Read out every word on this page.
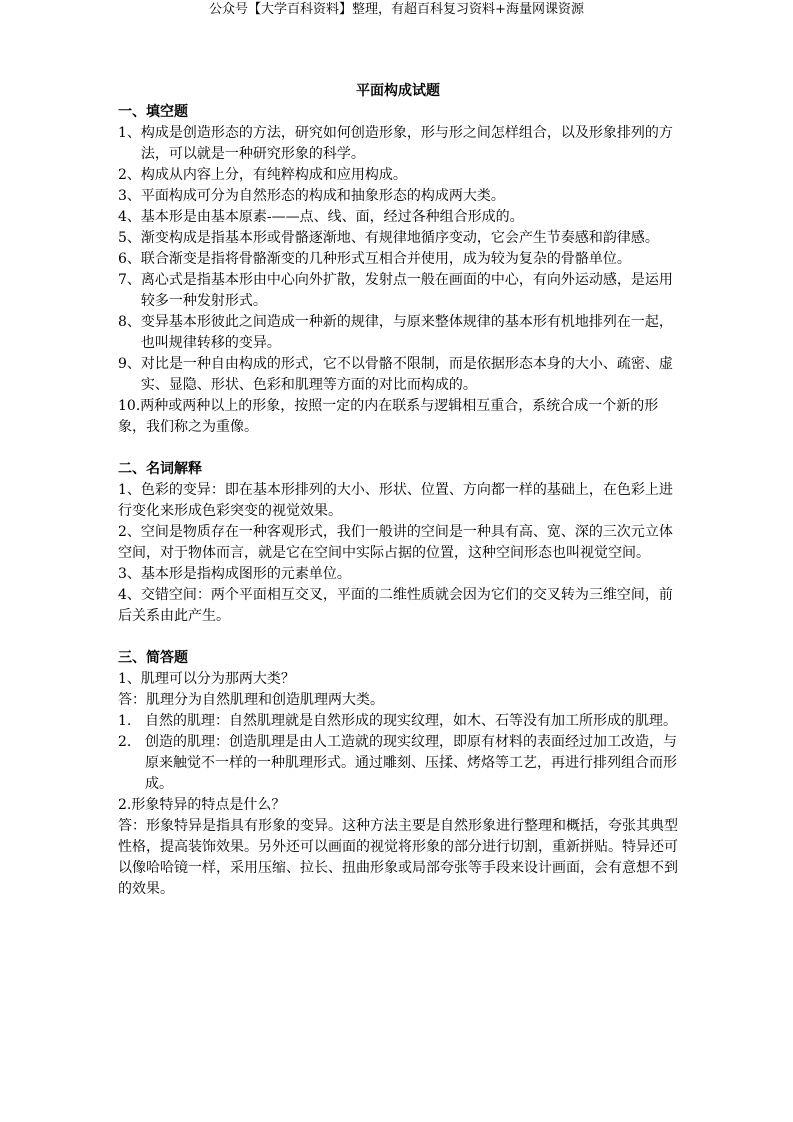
公众号【大学百科资料】整理，有超百科复习资料+海量网课资源
平面构成试题
一、填空题
1、 构成是创造形态的方法，研究如何创造形象，形与形之间怎样组合，以及形象排列的方法，可以就是一种研究形象的科学。
2、 构成从内容上分，有纯粹构成和应用构成。
3、 平面构成可分为自然形态的构成和抽象形态的构成两大类。
4、 基本形是由基本原素-——点、线、面，经过各种组合形成的。
5、 渐变构成是指基本形或骨骼逐渐地、有规律地循序变动，它会产生节奏感和韵律感。
6、 联合渐变是指将骨骼渐变的几种形式互相合并使用，成为较为复杂的骨骼单位。
7、 离心式是指基本形由中心向外扩散，发射点一般在画面的中心，有向外运动感，是运用较多一种发射形式。
8、 变异基本形彼此之间造成一种新的规律，与原来整体规律的基本形有机地排列在一起，也叫规律转移的变异。
9、 对比是一种自由构成的形式，它不以骨骼不限制，而是依据形态本身的大小、疏密、虚实、显隐、形状、色彩和肌理等方面的对比而构成的。
10.两种或两种以上的形象，按照一定的内在联系与逻辑相互重合，系统合成一个新的形象，我们称之为重像。
二、名词解释
1、色彩的变异：即在基本形排列的大小、形状、位置、方向都一样的基础上，在色彩上进行变化来形成色彩突变的视觉效果。
2、空间是物质存在一种客观形式，我们一般讲的空间是一种具有高、宽、深的三次元立体空间，对于物体而言，就是它在空间中实际占据的位置，这种空间形态也叫视觉空间。
3、基本形是指构成图形的元素单位。
4、交错空间：两个平面相互交叉，平面的二维性质就会因为它们的交叉转为三维空间，前后关系由此产生。
三、简答题
1、肌理可以分为那两大类？
答：肌理分为自然肌理和创造肌理两大类。
1. 自然的肌理：自然肌理就是自然形成的现实纹理，如木、石等没有加工所形成的肌理。
2. 创造的肌理：创造肌理是由人工造就的现实纹理，即原有材料的表面经过加工改造，与原来触觉不一样的一种肌理形式。通过雕刻、压揉、烤烙等工艺，再进行排列组合而形成。
2.形象特异的特点是什么？
答：形象特异是指具有形象的变异。这种方法主要是自然形象进行整理和概括，夸张其典型性格，提高装饰效果。另外还可以画面的视觉将形象的部分进行切割，重新拼贴。特异还可以像哈哈镜一样，采用压缩、拉长、扭曲形象或局部夸张等手段来设计画面，会有意想不到的效果。
